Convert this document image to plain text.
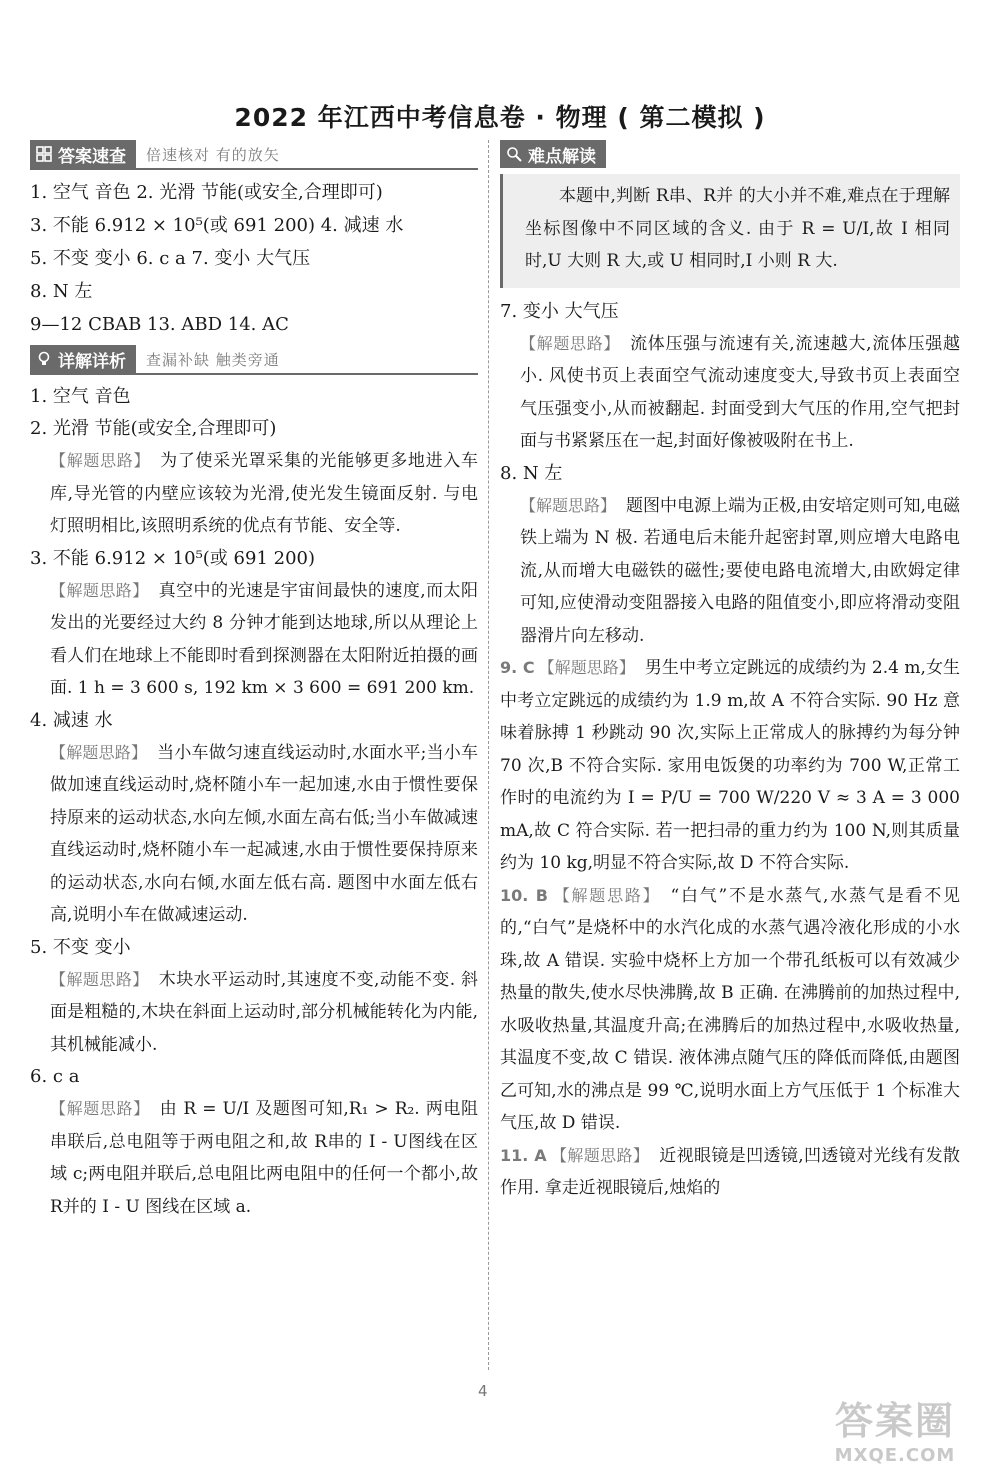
2022 年江西中考信息卷 · 物理 ( 第二模拟 )
答案速查 倍速核对 有的放矢
1. 空气 音色 2. 光滑 节能(或安全,合理即可)
3. 不能 6.912 × 10⁵(或 691 200) 4. 减速 水
5. 不变 变小 6. c a 7. 变小 大气压
8. N 左
9—12 CBAB 13. ABD 14. AC
详解详析 查漏补缺 触类旁通
1. 空气 音色
2. 光滑 节能(或安全,合理即可)
【解题思路】 为了使采光罩采集的光能够更多地进入车库,导光管的内壁应该较为光滑,使光发生镜面反射. 与电灯照明相比,该照明系统的优点有节能、安全等.
3. 不能 6.912 × 10⁵(或 691 200)
【解题思路】 真空中的光速是宇宙间最快的速度,而太阳发出的光要经过大约 8 分钟才能到达地球,所以从理论上看人们在地球上不能即时看到探测器在太阳附近拍摄的画面. 1 h = 3 600 s, 192 km × 3 600 = 691 200 km.
4. 减速 水
【解题思路】 当小车做匀速直线运动时,水面水平;当小车做加速直线运动时,烧杯随小车一起加速,水由于惯性要保持原来的运动状态,水向左倾,水面左高右低;当小车做减速直线运动时,烧杯随小车一起减速,水由于惯性要保持原来的运动状态,水向右倾,水面左低右高. 题图中水面左低右高,说明小车在做减速运动.
5. 不变 变小
【解题思路】 木块水平运动时,其速度不变,动能不变. 斜面是粗糙的,木块在斜面上运动时,部分机械能转化为内能,其机械能减小.
6. c a
【解题思路】 由 R = U/I 及题图可知,R₁ > R₂. 两电阻串联后,总电阻等于两电阻之和,故 R串的 I - U图线在区域 c;两电阻并联后,总电阻比两电阻中的任何一个都小,故 R并的 I - U 图线在区域 a.
难点解读
本题中,判断 R串、R并 的大小并不难,难点在于理解坐标图像中不同区域的含义. 由于 R = U/I,故 I 相同时,U 大则 R 大,或 U 相同时,I 小则 R 大.
7. 变小 大气压
【解题思路】 流体压强与流速有关,流速越大,流体压强越小. 风使书页上表面空气流动速度变大,导致书页上表面空气压强变小,从而被翻起. 封面受到大气压的作用,空气把封面与书紧紧压在一起,封面好像被吸附在书上.
8. N 左
【解题思路】 题图中电源上端为正极,由安培定则可知,电磁铁上端为 N 极. 若通电后未能升起密封罩,则应增大电路电流,从而增大电磁铁的磁性;要使电路电流增大,由欧姆定律可知,应使滑动变阻器接入电路的阻值变小,即应将滑动变阻器滑片向左移动.
9. C 【解题思路】 男生中考立定跳远的成绩约为 2.4 m,女生中考立定跳远的成绩约为 1.9 m,故 A 不符合实际. 90 Hz 意味着脉搏 1 秒跳动 90 次,实际上正常成人的脉搏约为每分钟 70 次,B 不符合实际. 家用电饭煲的功率约为 700 W,正常工作时的电流约为 I = P/U = 700 W/220 V ≈ 3 A = 3 000 mA,故 C 符合实际. 若一把扫帚的重力约为 100 N,则其质量约为 10 kg,明显不符合实际,故 D 不符合实际.
10. B 【解题思路】 “白气”不是水蒸气,水蒸气是看不见的,“白气”是烧杯中的水汽化成的水蒸气遇冷液化形成的小水珠,故 A 错误. 实验中烧杯上方加一个带孔纸板可以有效减少热量的散失,使水尽快沸腾,故 B 正确. 在沸腾前的加热过程中,水吸收热量,其温度升高;在沸腾后的加热过程中,水吸收热量,其温度不变,故 C 错误. 液体沸点随气压的降低而降低,由题图乙可知,水的沸点是 99 ℃,说明水面上方气压低于 1 个标准大气压,故 D 错误.
11. A 【解题思路】 近视眼镜是凹透镜,凹透镜对光线有发散作用. 拿走近视眼镜后,烛焰的
4
答案圈
MXQE.COM
